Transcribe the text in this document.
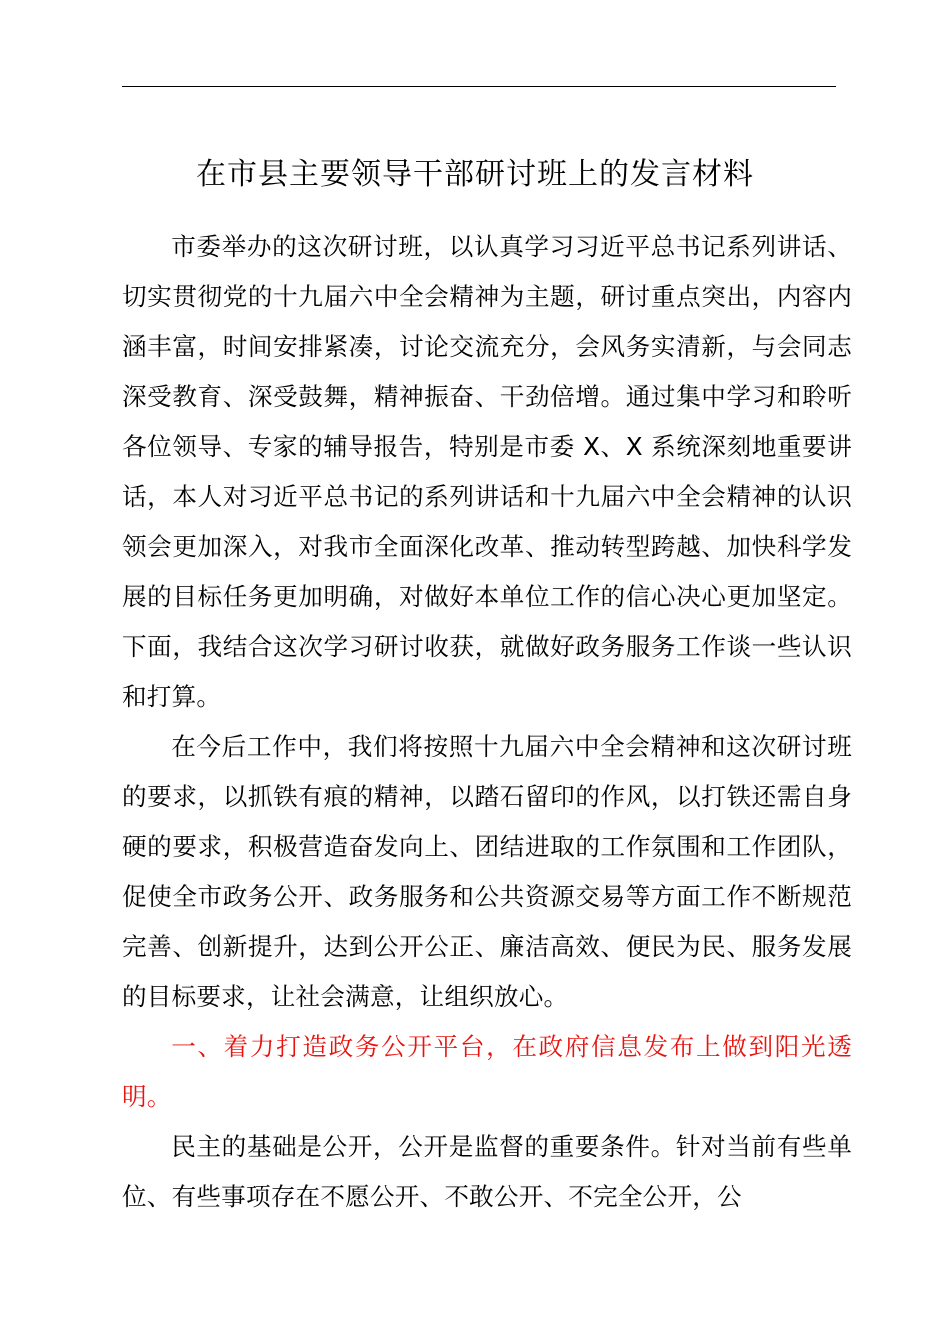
在市县主要领导干部研讨班上的发言材料

市委举办的这次研讨班，以认真学习习近平总书记系列讲话、切实贯彻党的十九届六中全会精神为主题，研讨重点突出，内容内涵丰富，时间安排紧凑，讨论交流充分，会风务实清新，与会同志深受教育、深受鼓舞，精神振奋、干劲倍增。通过集中学习和聆听各位领导、专家的辅导报告，特别是市委 X、X 系统深刻地重要讲话，本人对习近平总书记的系列讲话和十九届六中全会精神的认识领会更加深入，对我市全面深化改革、推动转型跨越、加快科学发展的目标任务更加明确，对做好本单位工作的信心决心更加坚定。下面，我结合这次学习研讨收获，就做好政务服务工作谈一些认识和打算。

在今后工作中，我们将按照十九届六中全会精神和这次研讨班的要求，以抓铁有痕的精神，以踏石留印的作风，以打铁还需自身硬的要求，积极营造奋发向上、团结进取的工作氛围和工作团队，促使全市政务公开、政务服务和公共资源交易等方面工作不断规范完善、创新提升，达到公开公正、廉洁高效、便民为民、服务发展的目标要求，让社会满意，让组织放心。

一、着力打造政务公开平台，在政府信息发布上做到阳光透明。

民主的基础是公开，公开是监督的重要条件。针对当前有些单位、有些事项存在不愿公开、不敢公开、不完全公开，公
